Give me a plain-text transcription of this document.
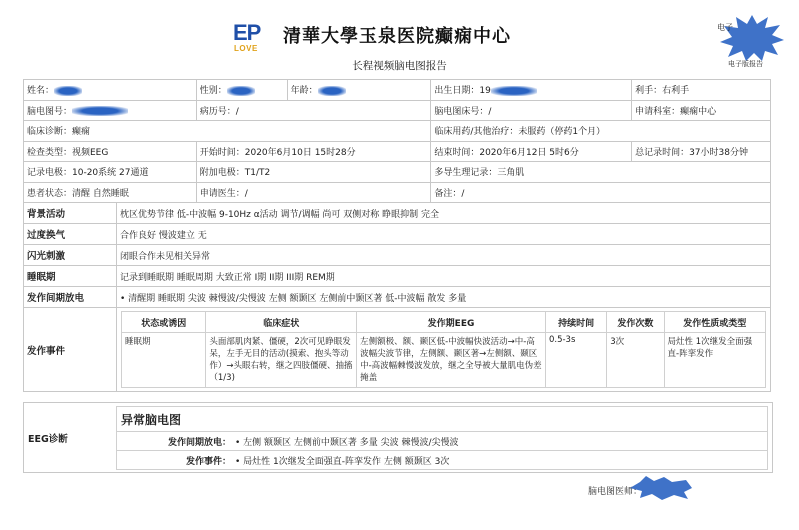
EP
LOVE
清華大學玉泉医院癫痫中心
长程视频脑电图报告
电子
电子版报告
姓名：	性别：	年龄：	出生日期：19	利手：右利手
脑电图号：	病历号：/		脑电图床号：/	申请科室：癫痫中心
临床诊断：癫痫			临床用药/其他治疗：未服药（停药1个月）	
检查类型：视频EEG	开始时间：2020年6月10日 15时28分		结束时间：2020年6月12日 5时6分	总记录时间：37小时38分钟
记录电极：10-20系统 27通道	附加电极：T1/T2		多导生理记录：三角肌	
患者状态：清醒 自然睡眠	申请医生：/		备注：/	
背景活动	枕区优势节律 低-中波幅 9-10Hz α活动 调节/调幅 尚可 双侧对称 睁眼抑制 完全
过度换气	合作良好 慢波建立 无
闪光刺激	闭眼合作未见相关异常
睡眠期	记录到睡眠期 睡眠周期 大致正常 I期 II期 III期 REM期
发作间期放电	• 清醒期 睡眠期 尖波 棘慢波/尖慢波 左侧 额颞区 左侧前中颞区著 低-中波幅 散发 多量
发作事件	
状态或诱因	临床症状	发作期EEG	持续时间	发作次数	发作性质或类型
睡眠期	头面部肌肉紧、僵硬，2次可见睁眼发呆，左手无目的活动(摸索、抱头等动作）→头眼右转，继之四肢僵硬、抽搐（1/3)	左侧额极、额、颞区低-中波幅快波活动→中-高波幅尖波节律，左侧额、颞区著→左侧额、颞区中-高波幅棘慢波发放，继之全导被大量肌电伪差掩盖	0.5-3s	3次	局灶性 1次继发全面强直-阵挛发作
EEG诊断
异常脑电图
发作间期放电： • 左侧 额颞区 左侧前中颞区著 多量 尖波 棘慢波/尖慢波
发作事件： • 局灶性 1次继发全面强直-阵挛发作 左侧 额颞区 3次
脑电图医师：
